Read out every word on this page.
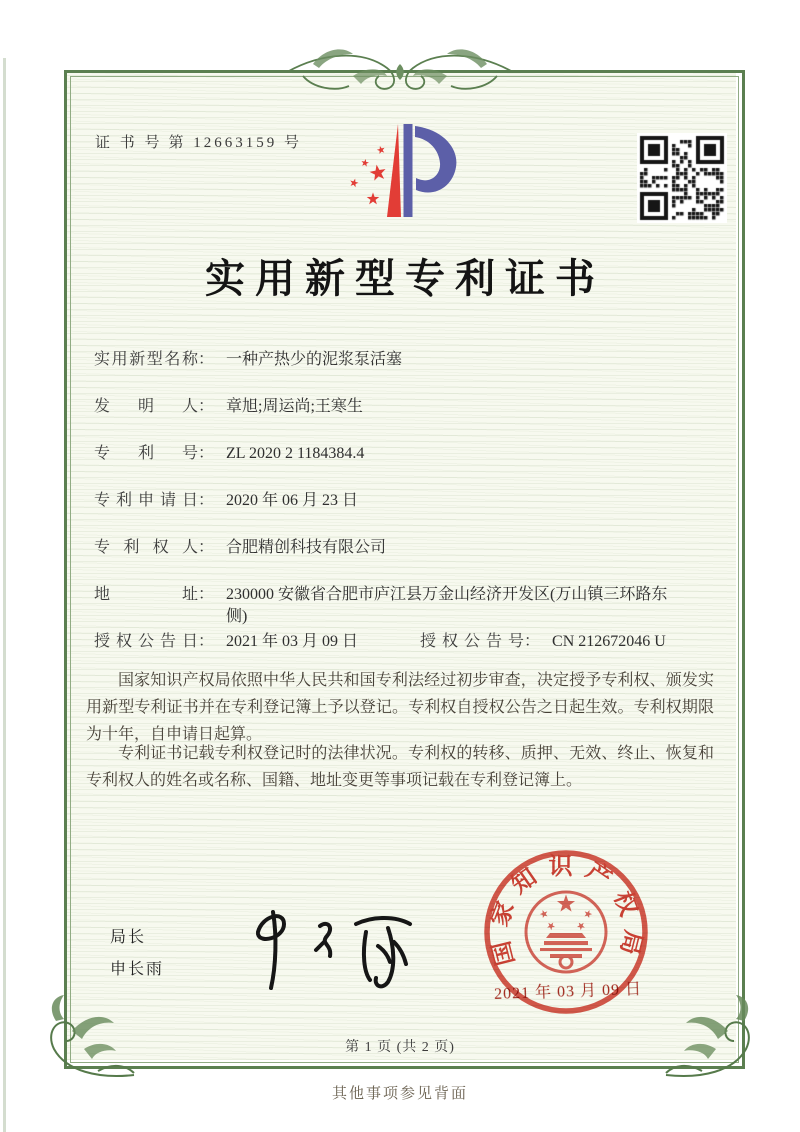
证 书 号 第 12663159 号
实用新型专利证书
实用新型名称： 一种产热少的泥浆泵活塞
发明人： 章旭;周运尚;王寒生
专利号： ZL 2020 2 1184384.4
专利申请日： 2020 年 06 月 23 日
专利权人： 合肥精创科技有限公司
地址： 230000 安徽省合肥市庐江县万金山经济开发区(万山镇三环路东侧)
授权公告日： 2021 年 03 月 09 日	授权公告号： CN 212672046 U
国家知识产权局依照中华人民共和国专利法经过初步审查，决定授予专利权、颁发实用新型专利证书并在专利登记簿上予以登记。专利权自授权公告之日起生效。专利权期限为十年，自申请日起算。
专利证书记载专利权登记时的法律状况。专利权的转移、质押、无效、终止、恢复和专利权人的姓名或名称、国籍、地址变更等事项记载在专利登记簿上。
局长
申长雨
国家知识产权局
2021 年 03 月 09 日
第 1 页 (共 2 页)
其他事项参见背面
